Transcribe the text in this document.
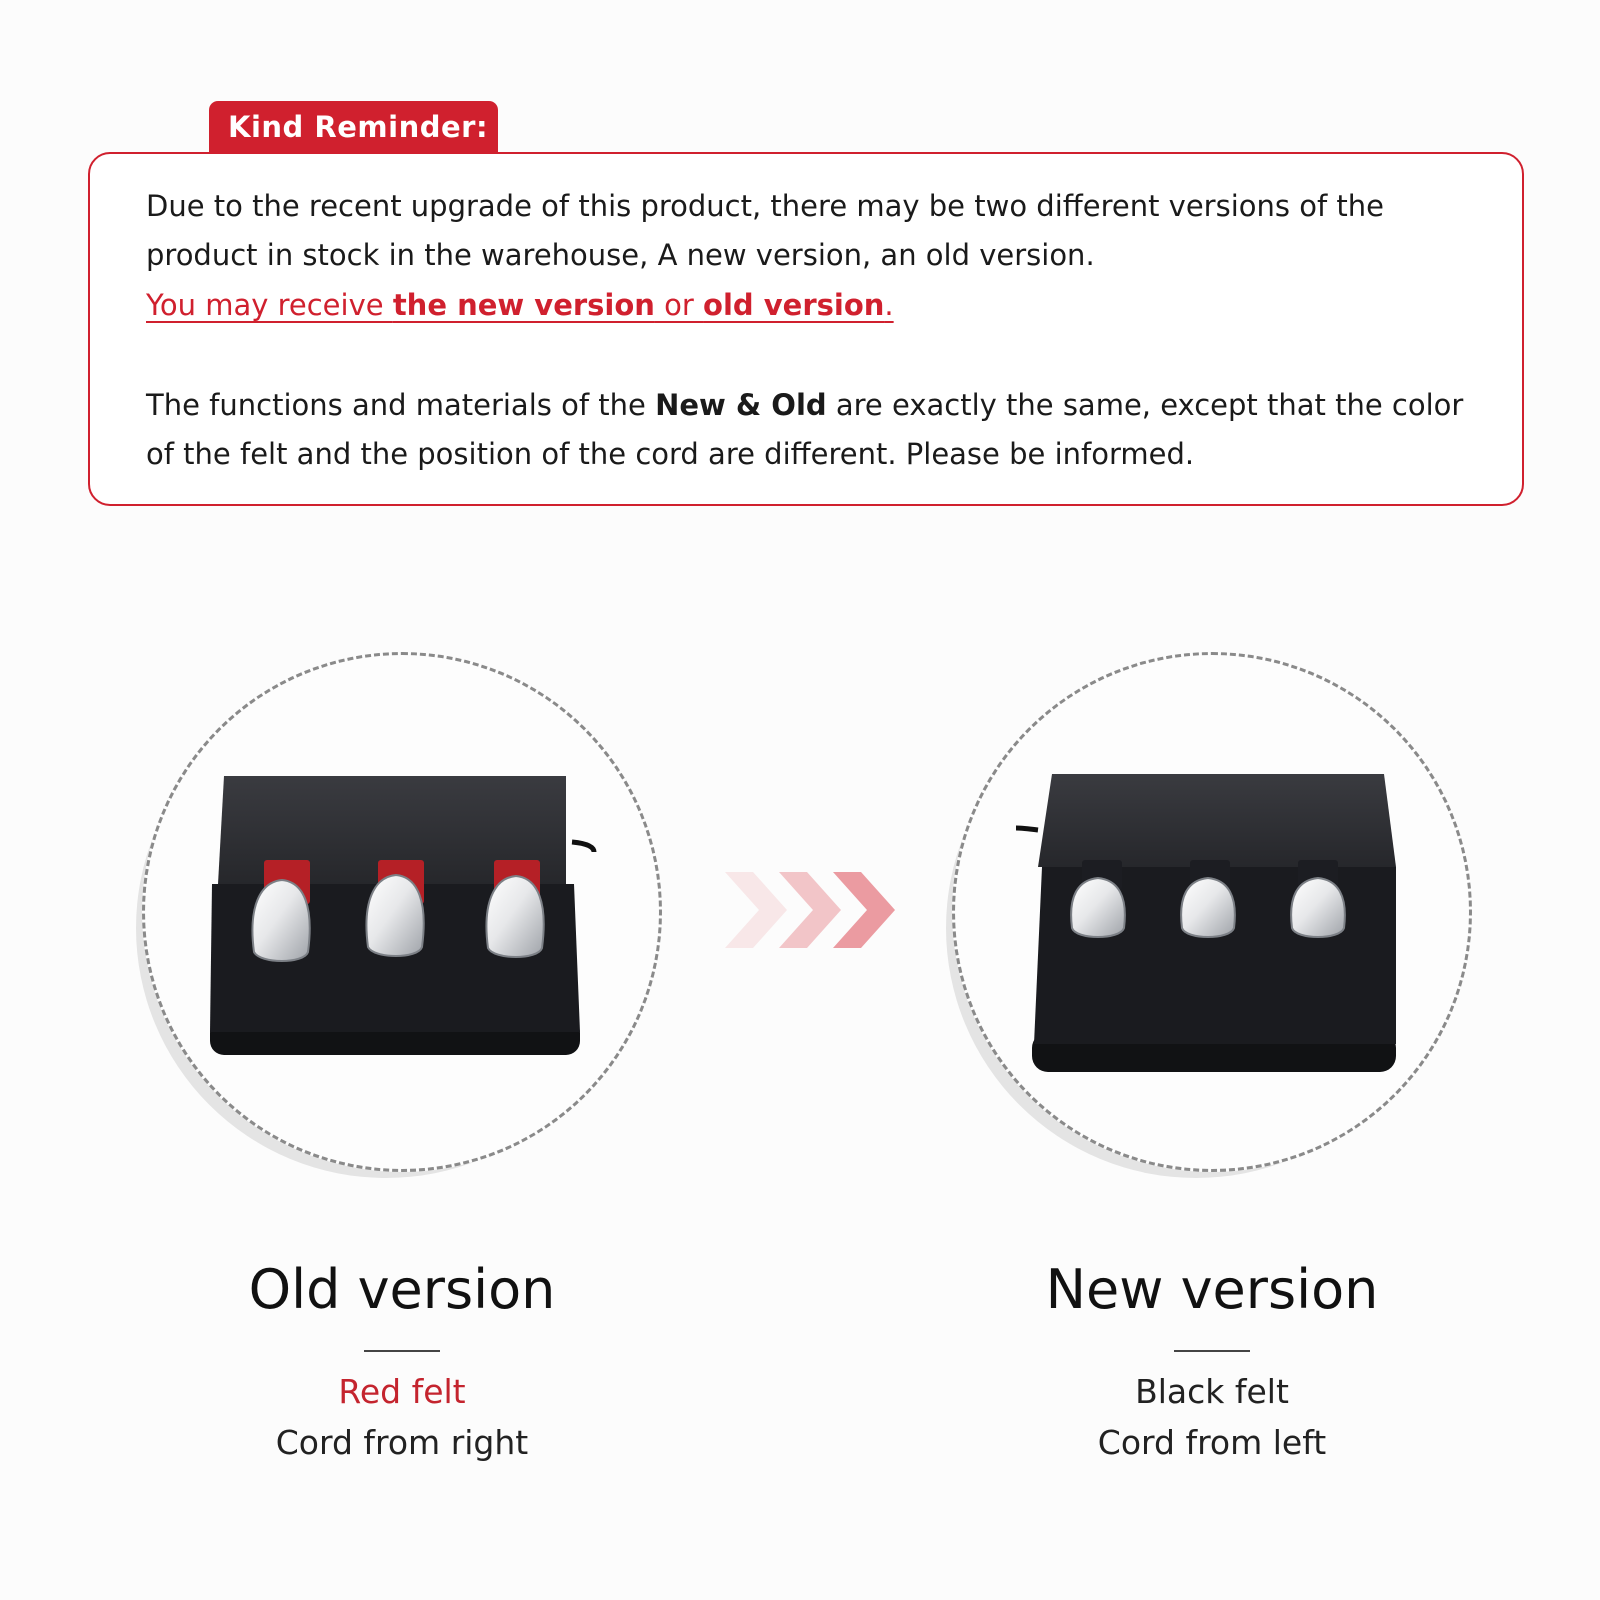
Kind Reminder:

Due to the recent upgrade of this product, there may be two different versions of the

product in stock in the warehouse, A new version, an old version.

You may receive the new version or old version.

The functions and materials of the New & Old are exactly the same, except that the color

of the felt and the position of the cord are different. Please be informed.

Old version
Red felt
Cord from right
New version
Black felt
Cord from left
